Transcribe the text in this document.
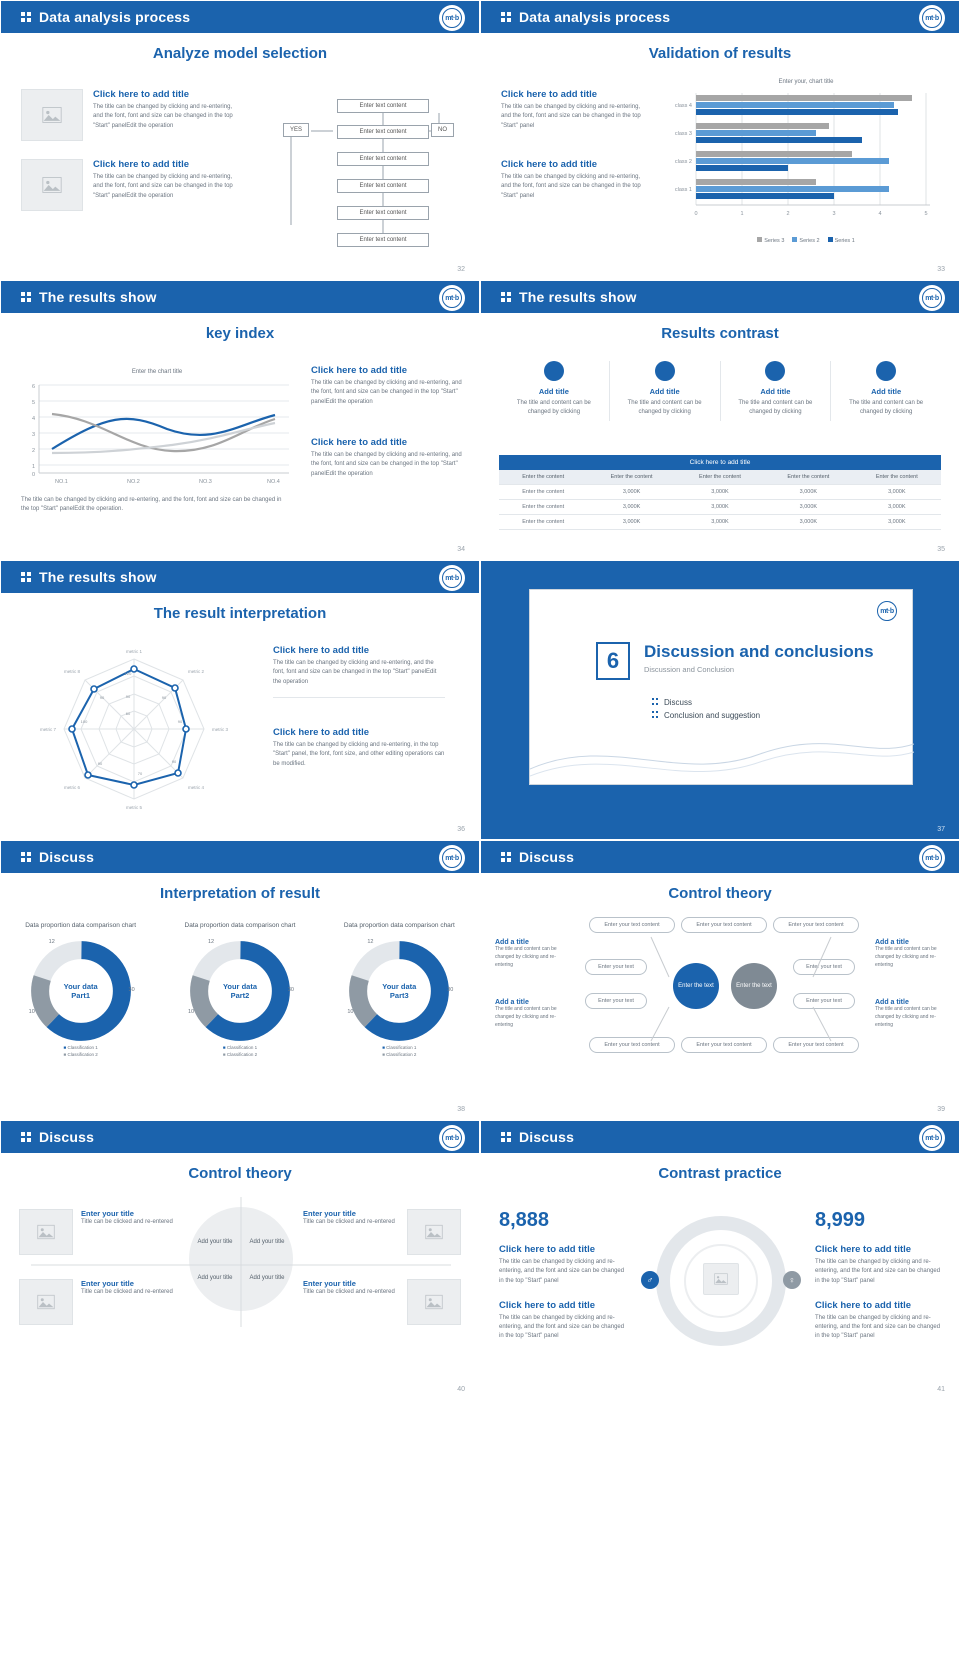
Data analysis process	mt·b
Analyze model selection
32
Click here to add title
The title can be changed by clicking and re-entering, and the font, font and size can be changed in the top "Start" panelEdit the operation
Click here to add title
The title can be changed by clicking and re-entering, and the font, font and size can be changed in the top "Start" panelEdit the operation
Enter text content
Enter text content
Enter text content
Enter text content
Enter text content
Enter text content
YES	NO
Data analysis process	mt·b
Validation of results
33
Click here to add title
The title can be changed by clicking and re-entering, and the font, font and size can be changed in the top "Start" panel
Click here to add title
The title can be changed by clicking and re-entering, and the font, font and size can be changed in the top "Start" panel
Enter your, chart title
class 4
class 3
class 2
class 1
0	1	2	3	4	5
Series 3	Series 2	Series 1
The results show	mt·b
key index
34
Enter the chart title
6
5
4
3
2
1
0
NO.1	NO.2	NO.3	NO.4
The title can be changed by clicking and re-entering, and the font, font and size can be changed in the top "Start" panelEdit the operation.
Click here to add title
The title can be changed by clicking and re-entering, and the font, font and size can be changed in the top "Start" panelEdit the operation
Click here to add title
The title can be changed by clicking and re-entering, and the font, font and size can be changed in the top "Start" panelEdit the operation
The results show	mt·b
Results contrast
35
Add title
The title and content can be changed by clicking
Add title
The title and content can be changed by clicking
Add title
The title and content can be changed by clicking
Add title
The title and content can be changed by clicking
Click here to add title				
Enter the content	Enter the content	Enter the content	Enter the content	Enter the content
Enter the content	3,000K	3,000K	3,000K	3,000K
Enter the content	3,000K	3,000K	3,000K	3,000K
Enter the content	3,000K	3,000K	3,000K	3,000K
The results show	mt·b
The result interpretation
36
metric 1
metric 2
metric 3
metric 4
metric 5
metric 6
metric 7
metric 8	120
90
60
90
90
90
70
90
100
90
Click here to add title
The title can be changed by clicking and re-entering, and the font, font and size can be changed in the top "Start" panelEdit the operation
Click here to add title
The title can be changed by clicking and re-entering, in the top "Start" panel, the font, font size, and other editing operations can be modified.
mt·b
6	Discussion and conclusions
Discussion and Conclusion
Discuss
Conclusion and suggestion
37
Discuss	mt·b
Interpretation of result
38
Data proportion data comparison chart
Your data
Part1
12
30
10
■ Classification 1
■ Classification 2
Data proportion data comparison chart
Your data
Part2
12
30
10
■ Classification 1
■ Classification 2
Data proportion data comparison chart
Your data
Part3
12
30
10
■ Classification 1
■ Classification 2
Discuss	mt·b
Control theory
39
Add a title
The title and content can be changed by clicking and re-entering
Add a title
The title and content can be changed by clicking and re-entering
Add a title
The title and content can be changed by clicking and re-entering
Add a title
The title and content can be changed by clicking and re-entering
Enter your text content	Enter your text content	Enter your text content
Enter your text content	Enter your text content	Enter your text content
Enter your text
Enter your text
Enter your text
Enter your text
Enter the text	Enter the text
Discuss	mt·b
Control theory
40
Enter your title
Title can be clicked and re-entered
Enter your title
Title can be clicked and re-entered
Enter your title
Title can be clicked and re-entered
Enter your title
Title can be clicked and re-entered
Add your title	Add your title
Add your title	Add your title
Discuss	mt·b
Contrast practice
41
8,888
Click here to add title
The title can be changed by clicking and re-entering, and the font and size can be changed in the top "Start" panel
Click here to add title
The title can be changed by clicking and re-entering, and the font and size can be changed in the top "Start" panel
♂	♀
8,999
Click here to add title
The title can be changed by clicking and re-entering, and the font and size can be changed in the top "Start" panel
Click here to add title
The title can be changed by clicking and re-entering, and the font and size can be changed in the top "Start" panel
